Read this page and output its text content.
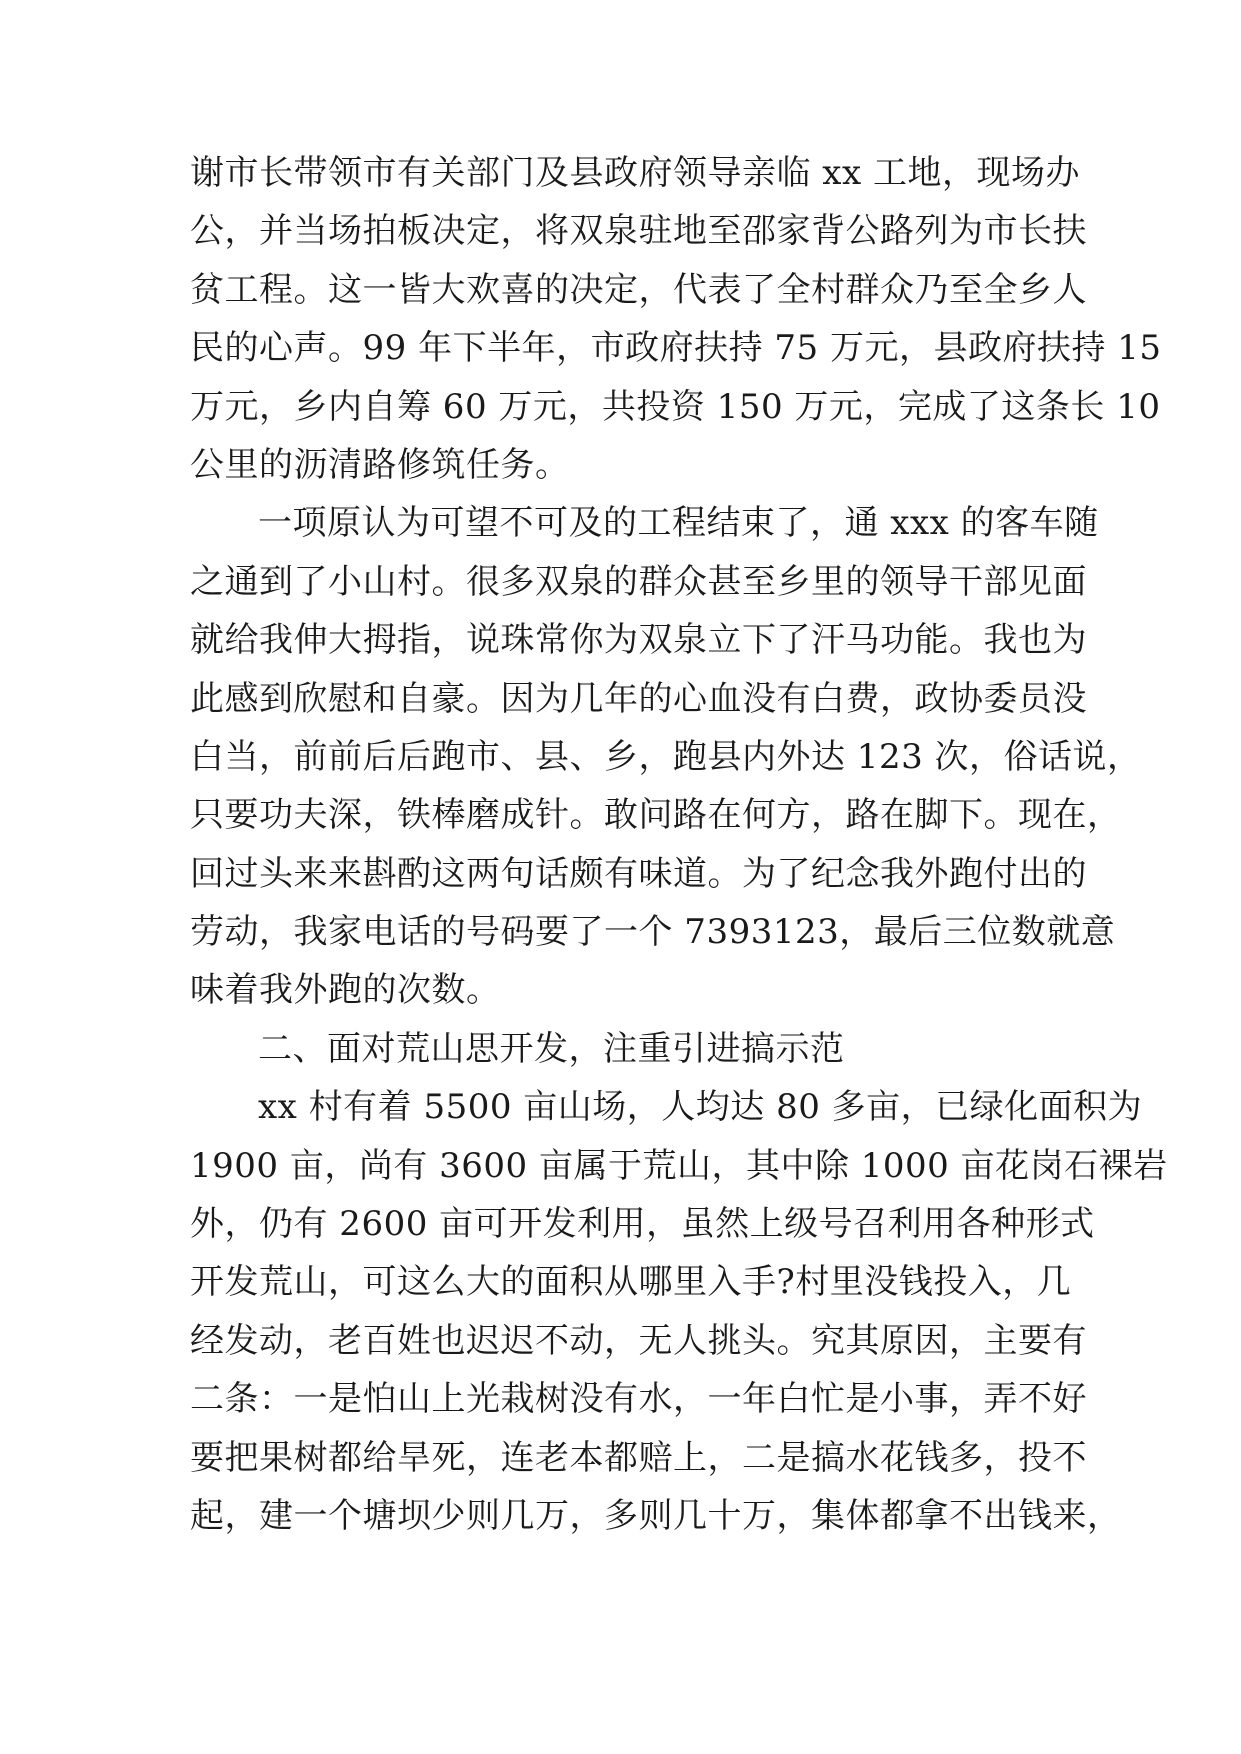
谢市长带领市有关部门及县政府领导亲临 xx 工地，现场办
公，并当场拍板决定，将双泉驻地至邵家背公路列为市长扶
贫工程。这一皆大欢喜的决定，代表了全村群众乃至全乡人
民的心声。99 年下半年，市政府扶持 75 万元，县政府扶持 15
万元，乡内自筹 60 万元，共投资 150 万元，完成了这条长 10
公里的沥清路修筑任务。
一项原认为可望不可及的工程结束了，通 xxx 的客车随
之通到了小山村。很多双泉的群众甚至乡里的领导干部见面
就给我伸大拇指，说珠常你为双泉立下了汗马功能。我也为
此感到欣慰和自豪。因为几年的心血没有白费，政协委员没
白当，前前后后跑市、县、乡，跑县内外达 123 次，俗话说，
只要功夫深，铁棒磨成针。敢问路在何方，路在脚下。现在，
回过头来来斟酌这两句话颇有味道。为了纪念我外跑付出的
劳动，我家电话的号码要了一个 7393123，最后三位数就意
味着我外跑的次数。
二、面对荒山思开发，注重引进搞示范
xx 村有着 5500 亩山场，人均达 80 多亩，已绿化面积为
1900 亩，尚有 3600 亩属于荒山，其中除 1000 亩花岗石裸岩
外，仍有 2600 亩可开发利用，虽然上级号召利用各种形式
开发荒山，可这么大的面积从哪里入手?村里没钱投入，几
经发动，老百姓也迟迟不动，无人挑头。究其原因，主要有
二条：一是怕山上光栽树没有水，一年白忙是小事，弄不好
要把果树都给旱死，连老本都赔上，二是搞水花钱多，投不
起，建一个塘坝少则几万，多则几十万，集体都拿不出钱来，
